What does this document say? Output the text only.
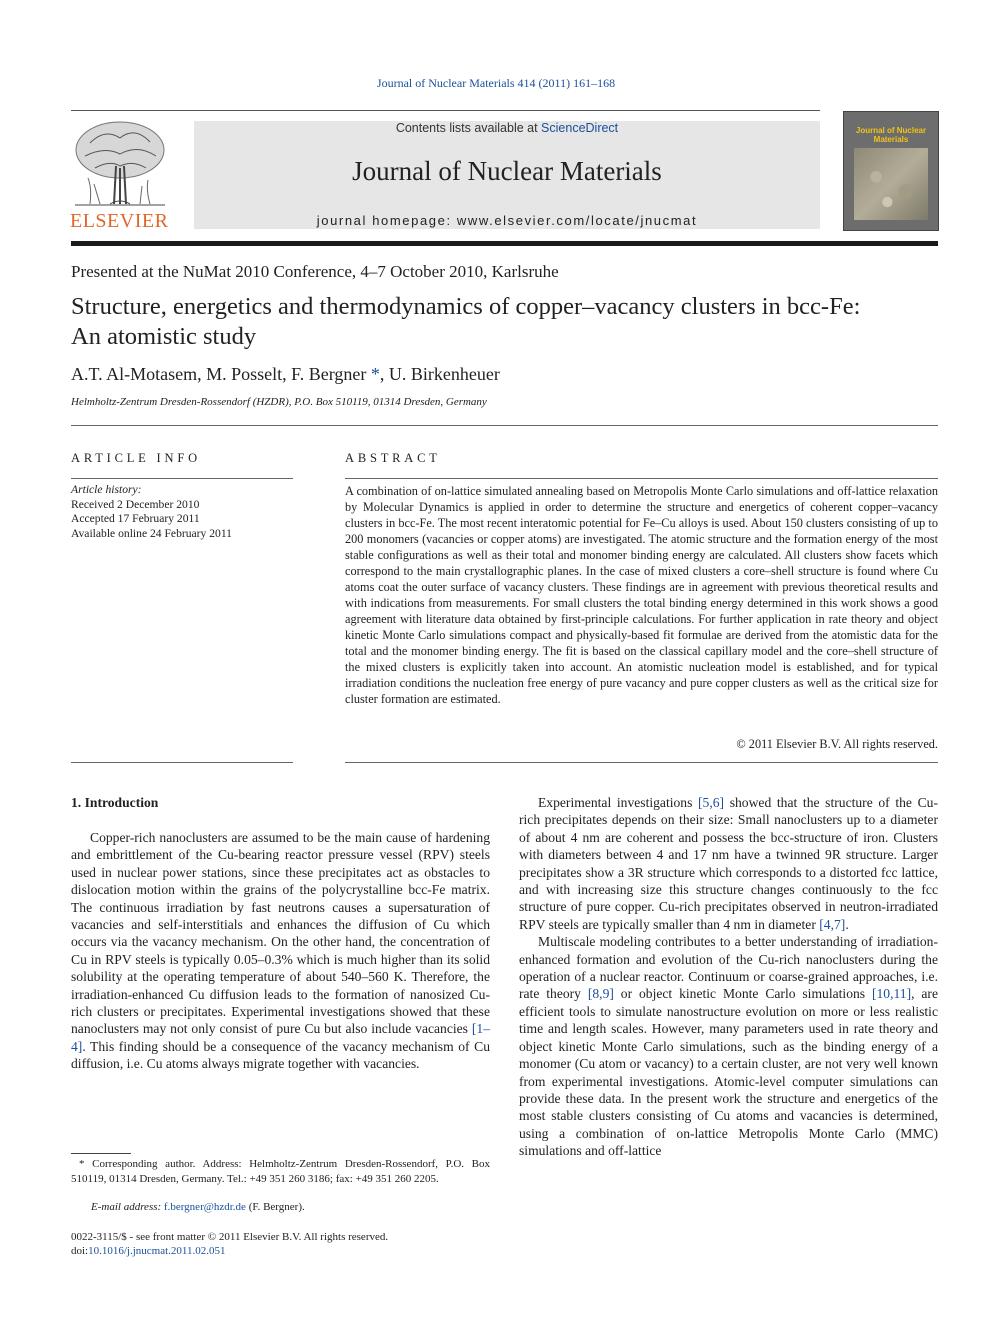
Journal of Nuclear Materials 414 (2011) 161–168
ELSEVIER
Contents lists available at ScienceDirect
Journal of Nuclear Materials
journal homepage: www.elsevier.com/locate/jnucmat
Journal of Nuclear Materials
Presented at the NuMat 2010 Conference, 4–7 October 2010, Karlsruhe
Structure, energetics and thermodynamics of copper–vacancy clusters in bcc-Fe:
An atomistic study
A.T. Al-Motasem, M. Posselt, F. Bergner *, U. Birkenheuer
Helmholtz-Zentrum Dresden-Rossendorf (HZDR), P.O. Box 510119, 01314 Dresden, Germany
ARTICLE INFO
Article history:
Received 2 December 2010
Accepted 17 February 2011
Available online 24 February 2011
ABSTRACT
A combination of on-lattice simulated annealing based on Metropolis Monte Carlo simulations and off-lattice relaxation by Molecular Dynamics is applied in order to determine the structure and energetics of coherent copper–vacancy clusters in bcc-Fe. The most recent interatomic potential for Fe–Cu alloys is used. About 150 clusters consisting of up to 200 monomers (vacancies or copper atoms) are investigated. The atomic structure and the formation energy of the most stable configurations as well as their total and monomer binding energy are calculated. All clusters show facets which correspond to the main crystallographic planes. In the case of mixed clusters a core–shell structure is found where Cu atoms coat the outer surface of vacancy clusters. These findings are in agreement with previous theoretical results and with indications from measurements. For small clusters the total binding energy determined in this work shows a good agreement with literature data obtained by first-principle calculations. For further application in rate theory and object kinetic Monte Carlo simulations compact and physically-based fit formulae are derived from the atomistic data for the total and the monomer binding energy. The fit is based on the classical capillary model and the core–shell structure of the mixed clusters is explicitly taken into account. An atomistic nucleation model is established, and for typical irradiation conditions the nucleation free energy of pure vacancy and pure copper clusters as well as the critical size for cluster formation are estimated.
© 2011 Elsevier B.V. All rights reserved.
1. Introduction

Copper-rich nanoclusters are assumed to be the main cause of hardening and embrittlement of the Cu-bearing reactor pressure vessel (RPV) steels used in nuclear power stations, since these precipitates act as obstacles to dislocation motion within the grains of the polycrystalline bcc-Fe matrix. The continuous irradiation by fast neutrons causes a supersaturation of vacancies and self-interstitials and enhances the diffusion of Cu which occurs via the vacancy mechanism. On the other hand, the concentration of Cu in RPV steels is typically 0.05–0.3% which is much higher than its solid solubility at the operating temperature of about 540–560 K. Therefore, the irradiation-enhanced Cu diffusion leads to the formation of nanosized Cu-rich clusters or precipitates. Experimental investigations showed that these nanoclusters may not only consist of pure Cu but also include vacancies [1–4]. This finding should be a consequence of the vacancy mechanism of Cu diffusion, i.e. Cu atoms always migrate together with vacancies.

* Corresponding author. Address: Helmholtz-Zentrum Dresden-Rossendorf, P.O. Box 510119, 01314 Dresden, Germany. Tel.: +49 351 260 3186; fax: +49 351 260 2205.
E-mail address: f.bergner@hzdr.de (F. Bergner).
0022-3115/$ - see front matter © 2011 Elsevier B.V. All rights reserved.
doi:10.1016/j.jnucmat.2011.02.051

Experimental investigations [5,6] showed that the structure of the Cu-rich precipitates depends on their size: Small nanoclusters up to a diameter of about 4 nm are coherent and possess the bcc-structure of iron. Clusters with diameters between 4 and 17 nm have a twinned 9R structure. Larger precipitates show a 3R structure which corresponds to a distorted fcc lattice, and with increasing size this structure changes continuously to the fcc structure of pure copper. Cu-rich precipitates observed in neutron-irradiated RPV steels are typically smaller than 4 nm in diameter [4,7].

Multiscale modeling contributes to a better understanding of irradiation-enhanced formation and evolution of the Cu-rich nanoclusters during the operation of a nuclear reactor. Continuum or coarse-grained approaches, i.e. rate theory [8,9] or object kinetic Monte Carlo simulations [10,11], are efficient tools to simulate nanostructure evolution on more or less realistic time and length scales. However, many parameters used in rate theory and object kinetic Monte Carlo simulations, such as the binding energy of a monomer (Cu atom or vacancy) to a certain cluster, are not very well known from experimental investigations. Atomic-level computer simulations can provide these data. In the present work the structure and energetics of the most stable clusters consisting of Cu atoms and vacancies is determined, using a combination of on-lattice Metropolis Monte Carlo (MMC) simulations and off-lattice
